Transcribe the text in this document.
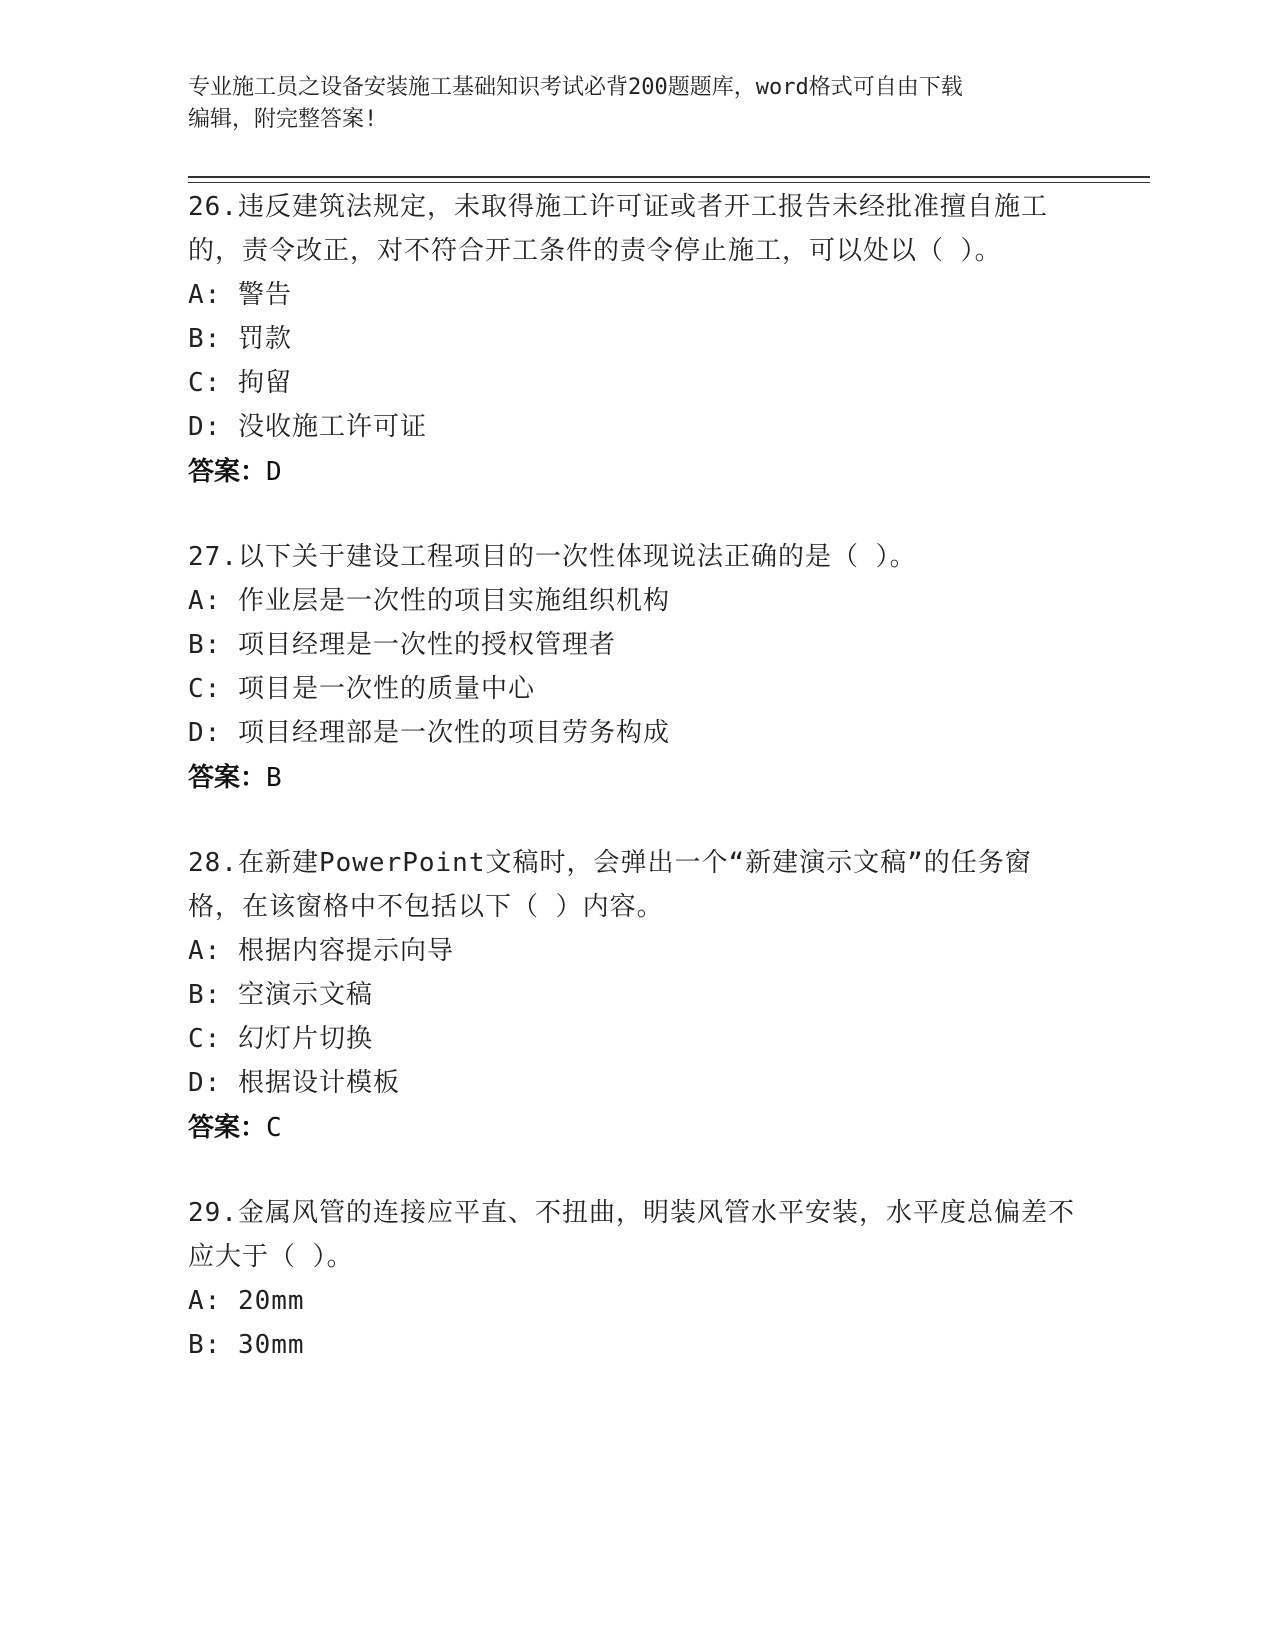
专业施工员之设备安装施工基础知识考试必背200题题库，word格式可自由下载
编辑，附完整答案!
26.违反建筑法规定，未取得施工许可证或者开工报告未经批准擅自施工的，责令改正，对不符合开工条件的责令停止施工，可以处以（ ）。
A: 警告
B: 罚款
C: 拘留
D: 没收施工许可证
答案：D
27.以下关于建设工程项目的一次性体现说法正确的是（ ）。
A: 作业层是一次性的项目实施组织机构
B: 项目经理是一次性的授权管理者
C: 项目是一次性的质量中心
D: 项目经理部是一次性的项目劳务构成
答案：B
28.在新建PowerPoint文稿时，会弹出一个“新建演示文稿”的任务窗格，在该窗格中不包括以下（ ）内容。
A: 根据内容提示向导
B: 空演示文稿
C: 幻灯片切换
D: 根据设计模板
答案：C
29.金属风管的连接应平直、不扭曲，明装风管水平安装，水平度总偏差不应大于（ ）。
A: 20mm
B: 30mm
